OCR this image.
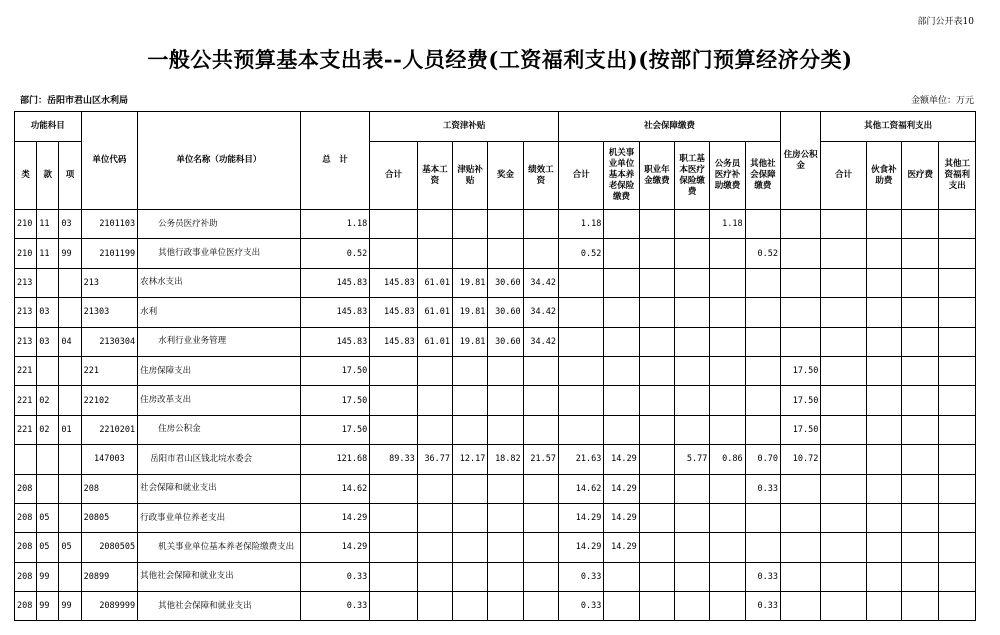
部门公开表10
一般公共预算基本支出表--人员经费(工资福利支出)(按部门预算经济分类)
部门：岳阳市君山区水利局	金额单位：万元
功能科目			单位代码	单位名称（功能科目）	总　计	工资津补贴					社会保障缴费						住房公积金	其他工资福利支出			
类	款	项				合计	基本工资	津贴补贴	奖金	绩效工资	合计	机关事业单位基本养老保险缴费	职业年金缴费	职工基本医疗保险缴费	公务员医疗补助缴费	其他社会保障缴费		合计	伙食补助费	医疗费	其他工资福利支出
210	11	03	2101103	公务员医疗补助	1.18						1.18				1.18						
210	11	99	2101199	其他行政事业单位医疗支出	0.52						0.52					0.52					
213			213	农林水支出	145.83	145.83	61.01	19.81	30.60	34.42											
213	03		21303	水利	145.83	145.83	61.01	19.81	30.60	34.42											
213	03	04	2130304	水利行业业务管理	145.83	145.83	61.01	19.81	30.60	34.42											
221			221	住房保障支出	17.50												17.50				
221	02		22102	住房改革支出	17.50												17.50				
221	02	01	2210201	住房公积金	17.50												17.50				
			147003	岳阳市君山区钱北垸水委会	121.68	89.33	36.77	12.17	18.82	21.57	21.63	14.29		5.77	0.86	0.70	10.72				
208			208	社会保障和就业支出	14.62						14.62	14.29				0.33					
208	05		20805	行政事业单位养老支出	14.29						14.29	14.29									
208	05	05	2080505	机关事业单位基本养老保险缴费支出	14.29						14.29	14.29									
208	99		20899	其他社会保障和就业支出	0.33						0.33					0.33					
208	99	99	2089999	其他社会保障和就业支出	0.33						0.33					0.33					
